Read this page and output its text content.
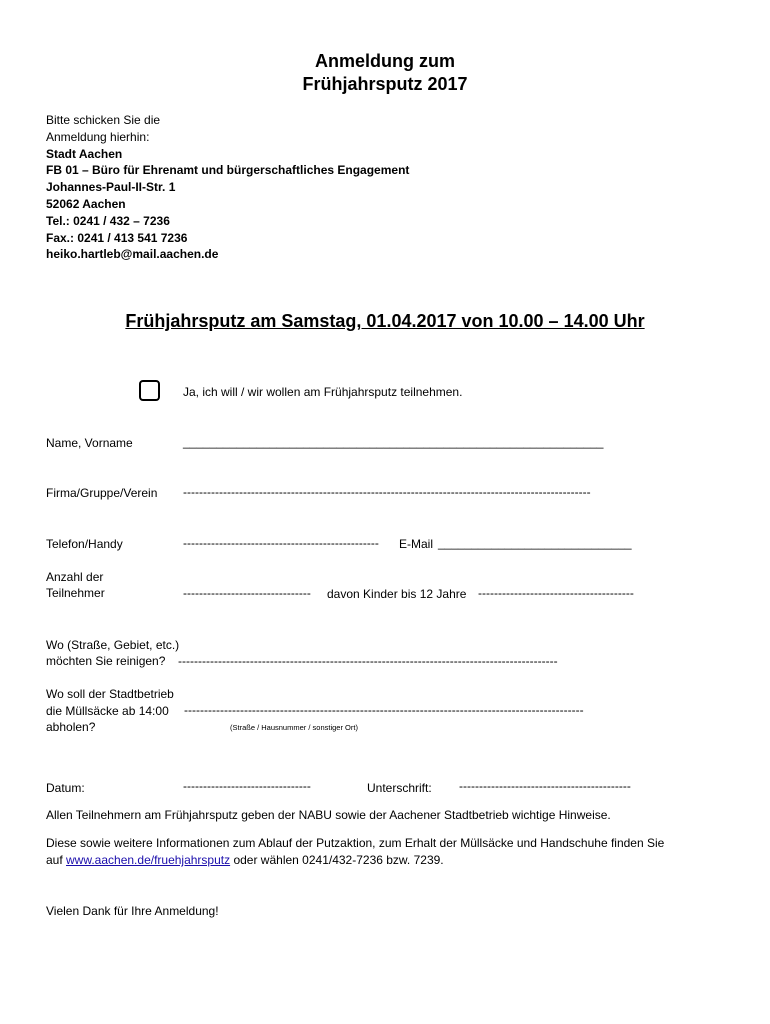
Anmeldung zum
Frühjahrsputz 2017
Bitte schicken Sie die
Anmeldung hierhin:
Stadt Aachen
FB 01 – Büro für Ehrenamt und bürgerschaftliches Engagement
Johannes-Paul-II-Str. 1
52062 Aachen
Tel.: 0241 / 432 – 7236
Fax.: 0241 / 413 541 7236
heiko.hartleb@mail.aachen.de
Frühjahrsputz am Samstag, 01.04.2017 von 10.00 – 14.00 Uhr
Ja, ich will / wir wollen am Frühjahrsputz teilnehmen.
Name, Vorname	_______________________________________________________________
Firma/Gruppe/Verein ------------------------------------------------------------------------------------------------------
Telefon/Handy	------------------------------------------------- E-Mail _____________________________
Anzahl der
Teilnehmer	-------------------------------- davon Kinder bis 12 Jahre ---------------------------------------
Wo (Straße, Gebiet, etc.)
möchten Sie reinigen? -----------------------------------------------------------------------------------------------
Wo soll der Stadtbetrieb
die Müllsäcke ab 14:00
abholen?
----------------------------------------------------------------------------------------------------
(Straße / Hausnummer / sonstiger Ort)
Datum:	--------------------------------	Unterschrift: -------------------------------------------
Allen Teilnehmern am Frühjahrsputz geben der NABU sowie der Aachener Stadtbetrieb wichtige Hinweise.
Diese sowie weitere Informationen zum Ablauf der Putzaktion, zum Erhalt der Müllsäcke und Handschuhe finden Sie
auf www.aachen.de/fruehjahrsputz oder wählen 0241/432-7236 bzw. 7239.
Vielen Dank für Ihre Anmeldung!
